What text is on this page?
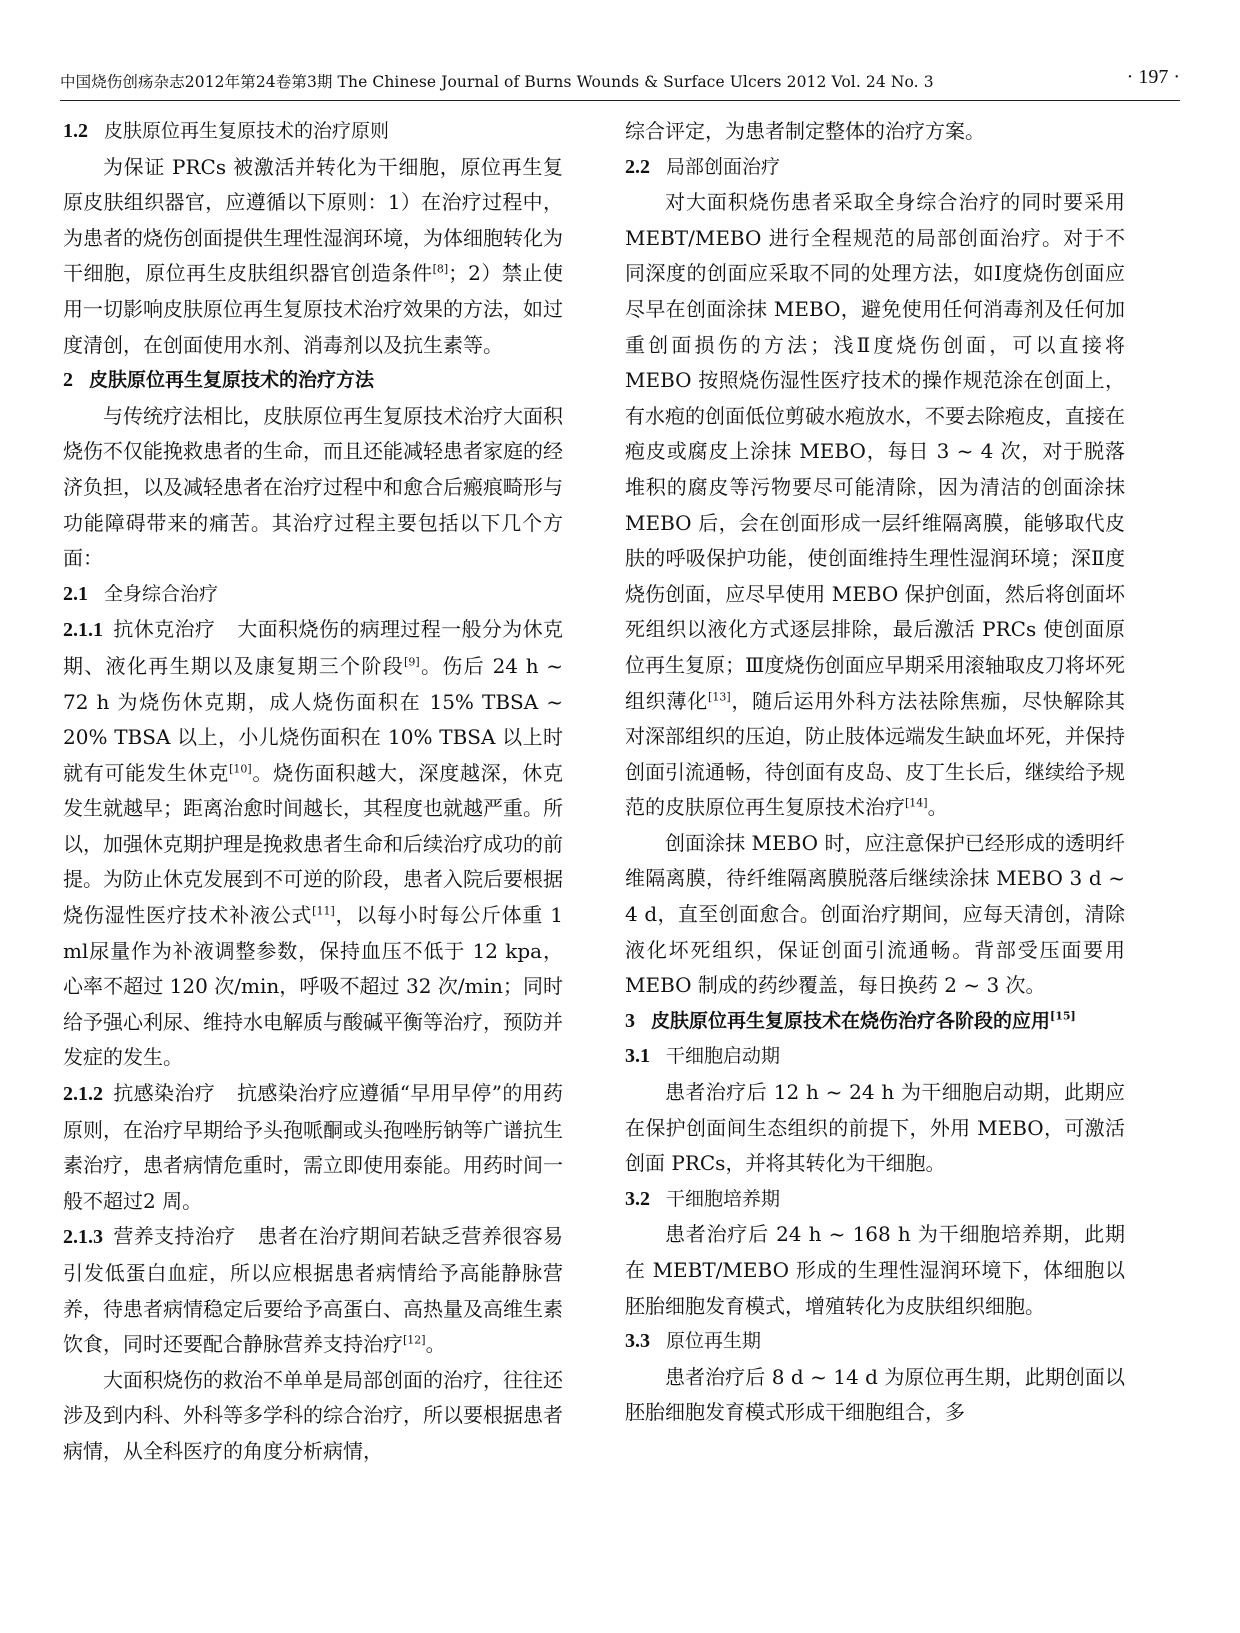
中国烧伤创疡杂志2012年第24卷第3期 The Chinese Journal of Burns Wounds & Surface Ulcers 2012 Vol. 24 No. 3	· 197 ·
1.2 皮肤原位再生复原技术的治疗原则

为保证 PRCs 被激活并转化为干细胞，原位再生复原皮肤组织器官，应遵循以下原则：1）在治疗过程中，为患者的烧伤创面提供生理性湿润环境，为体细胞转化为干细胞，原位再生皮肤组织器官创造条件[8]；2）禁止使用一切影响皮肤原位再生复原技术治疗效果的方法，如过度清创，在创面使用水剂、消毒剂以及抗生素等。

2 皮肤原位再生复原技术的治疗方法

与传统疗法相比，皮肤原位再生复原技术治疗大面积烧伤不仅能挽救患者的生命，而且还能减轻患者家庭的经济负担，以及减轻患者在治疗过程中和愈合后瘢痕畸形与功能障碍带来的痛苦。其治疗过程主要包括以下几个方面：

2.1 全身综合治疗

2.1.1 抗休克治疗 大面积烧伤的病理过程一般分为休克期、液化再生期以及康复期三个阶段[9]。伤后 24 h ~ 72 h 为烧伤休克期，成人烧伤面积在 15% TBSA ~ 20% TBSA 以上，小儿烧伤面积在 10% TBSA 以上时就有可能发生休克[10]。烧伤面积越大，深度越深，休克发生就越早；距离治愈时间越长，其程度也就越严重。所以，加强休克期护理是挽救患者生命和后续治疗成功的前提。为防止休克发展到不可逆的阶段，患者入院后要根据烧伤湿性医疗技术补液公式[11]，以每小时每公斤体重 1 ml尿量作为补液调整参数，保持血压不低于 12 kpa，心率不超过 120 次/min，呼吸不超过 32 次/min；同时给予强心利尿、维持水电解质与酸碱平衡等治疗，预防并发症的发生。

2.1.2 抗感染治疗 抗感染治疗应遵循“早用早停”的用药原则，在治疗早期给予头孢哌酮或头孢唑肟钠等广谱抗生素治疗，患者病情危重时，需立即使用泰能。用药时间一般不超过2 周。

2.1.3 营养支持治疗 患者在治疗期间若缺乏营养很容易引发低蛋白血症，所以应根据患者病情给予高能静脉营养，待患者病情稳定后要给予高蛋白、高热量及高维生素饮食，同时还要配合静脉营养支持治疗[12]。

大面积烧伤的救治不单单是局部创面的治疗，往往还涉及到内科、外科等多学科的综合治疗，所以要根据患者病情，从全科医疗的角度分析病情，

综合评定，为患者制定整体的治疗方案。

2.2 局部创面治疗

对大面积烧伤患者采取全身综合治疗的同时要采用 MEBT/MEBO 进行全程规范的局部创面治疗。对于不同深度的创面应采取不同的处理方法，如Ⅰ度烧伤创面应尽早在创面涂抹 MEBO，避免使用任何消毒剂及任何加重创面损伤的方法；浅Ⅱ度烧伤创面，可以直接将 MEBO 按照烧伤湿性医疗技术的操作规范涂在创面上，有水疱的创面低位剪破水疱放水，不要去除疱皮，直接在疱皮或腐皮上涂抹 MEBO，每日 3 ~ 4 次，对于脱落堆积的腐皮等污物要尽可能清除，因为清洁的创面涂抹 MEBO 后，会在创面形成一层纤维隔离膜，能够取代皮肤的呼吸保护功能，使创面维持生理性湿润环境；深Ⅱ度烧伤创面，应尽早使用 MEBO 保护创面，然后将创面坏死组织以液化方式逐层排除，最后激活 PRCs 使创面原位再生复原；Ⅲ度烧伤创面应早期采用滚轴取皮刀将坏死组织薄化[13]，随后运用外科方法祛除焦痂，尽快解除其对深部组织的压迫，防止肢体远端发生缺血坏死，并保持创面引流通畅，待创面有皮岛、皮丁生长后，继续给予规范的皮肤原位再生复原技术治疗[14]。

创面涂抹 MEBO 时，应注意保护已经形成的透明纤维隔离膜，待纤维隔离膜脱落后继续涂抹 MEBO 3 d ~ 4 d，直至创面愈合。创面治疗期间，应每天清创，清除液化坏死组织，保证创面引流通畅。背部受压面要用 MEBO 制成的药纱覆盖，每日换药 2 ~ 3 次。

3 皮肤原位再生复原技术在烧伤治疗各阶段的应用[15]
3.1 干细胞启动期

患者治疗后 12 h ~ 24 h 为干细胞启动期，此期应在保护创面间生态组织的前提下，外用 MEBO，可激活创面 PRCs，并将其转化为干细胞。

3.2 干细胞培养期

患者治疗后 24 h ~ 168 h 为干细胞培养期，此期在 MEBT/MEBO 形成的生理性湿润环境下，体细胞以胚胎细胞发育模式，增殖转化为皮肤组织细胞。

3.3 原位再生期

患者治疗后 8 d ~ 14 d 为原位再生期，此期创面以胚胎细胞发育模式形成干细胞组合，多
